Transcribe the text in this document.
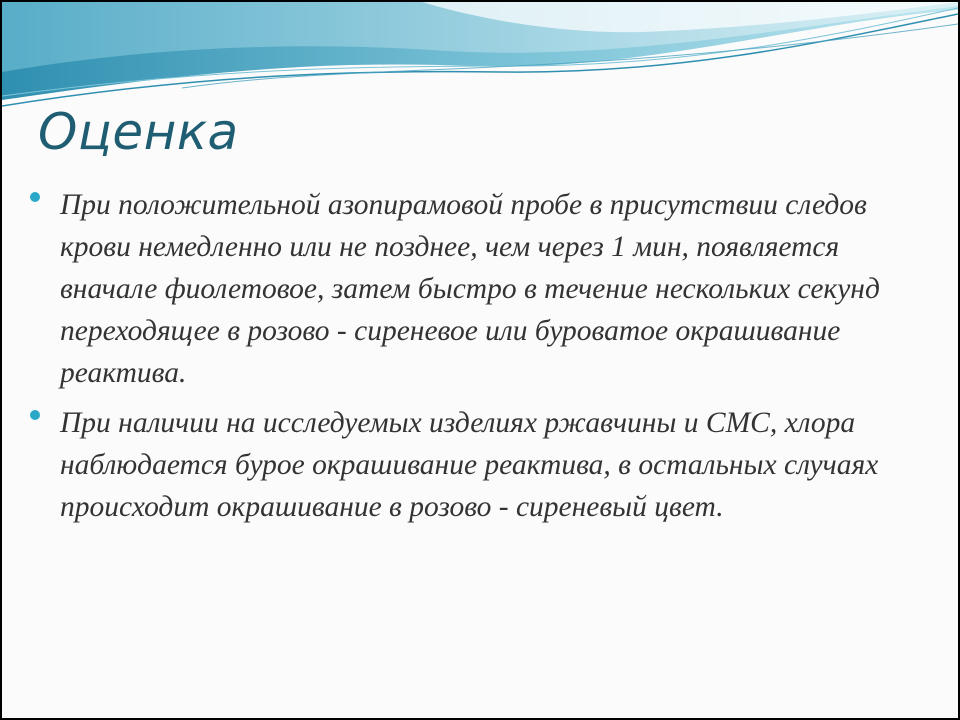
Оценка
При положительной азопирамовой пробе в присутствии следов крови немедленно или не позднее, чем через 1 мин, появляется вначале фиолетовое, затем быстро в течение нескольких секунд переходящее в розово - сиреневое или буроватое окрашивание реактива.
При наличии на исследуемых изделиях ржавчины и СМС, хлора наблюдается бурое окрашивание реактива, в остальных случаях происходит окрашивание в розово - сиреневый цвет.
